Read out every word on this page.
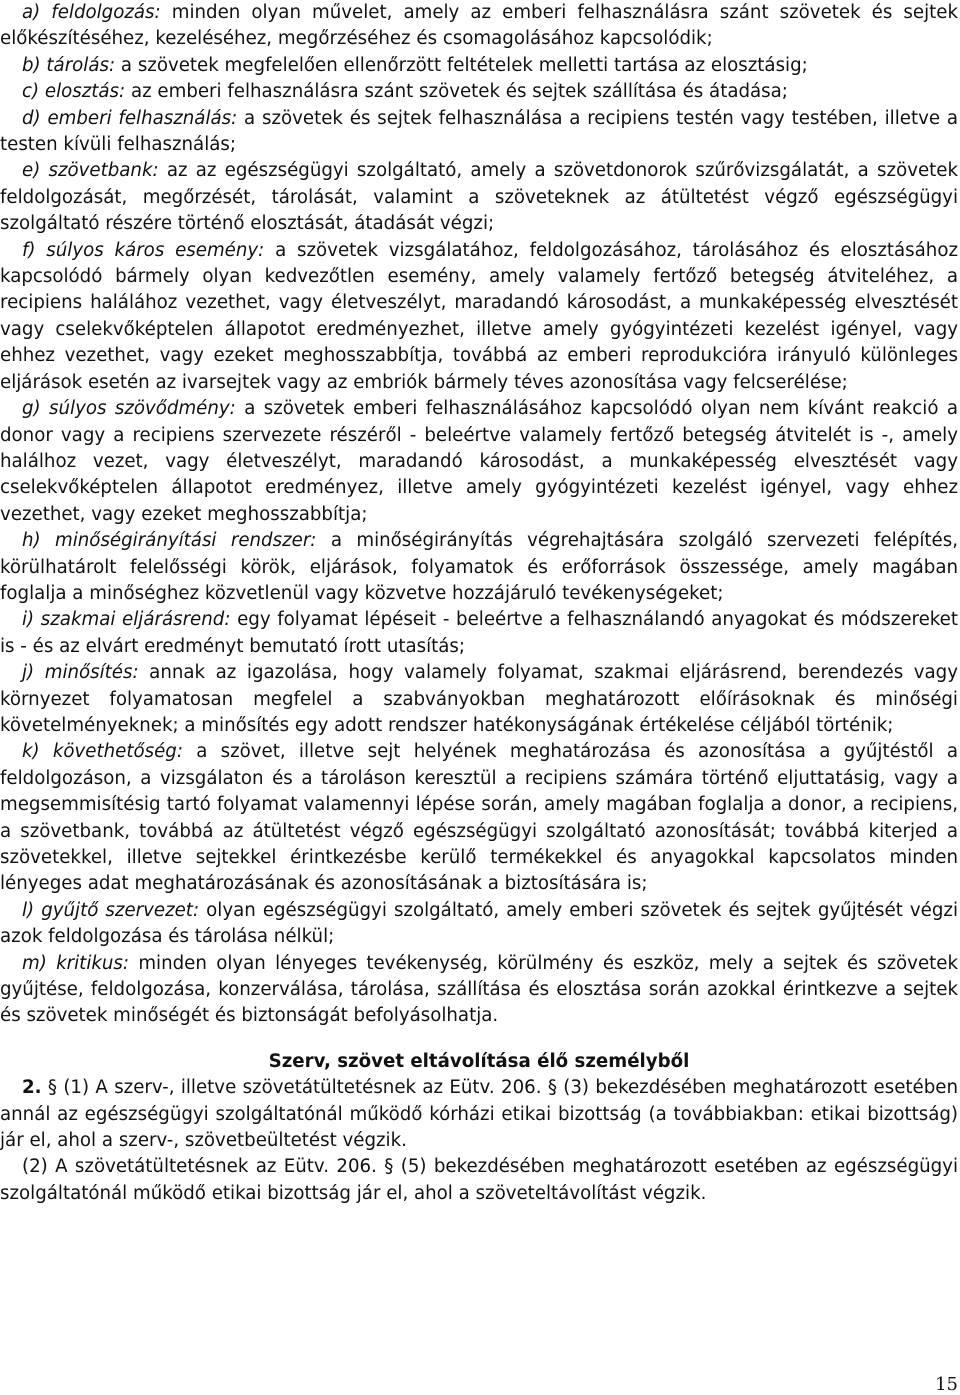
a) feldolgozás: minden olyan művelet, amely az emberi felhasználásra szánt szövetek és sejtek előkészítéséhez, kezeléséhez, megőrzéséhez és csomagolásához kapcsolódik;

b) tárolás: a szövetek megfelelően ellenőrzött feltételek melletti tartása az elosztásig;

c) elosztás: az emberi felhasználásra szánt szövetek és sejtek szállítása és átadása;

d) emberi felhasználás: a szövetek és sejtek felhasználása a recipiens testén vagy testében, illetve a testen kívüli felhasználás;

e) szövetbank: az az egészségügyi szolgáltató, amely a szövetdonorok szűrővizsgálatát, a szövetek feldolgozását, megőrzését, tárolását, valamint a szöveteknek az átültetést végző egészségügyi szolgáltató részére történő elosztását, átadását végzi;

f) súlyos káros esemény: a szövetek vizsgálatához, feldolgozásához, tárolásához és elosztásához kapcsolódó bármely olyan kedvezőtlen esemény, amely valamely fertőző betegség átviteléhez, a recipiens halálához vezethet, vagy életveszélyt, maradandó károsodást, a munkaképesség elvesztését vagy cselekvőképtelen állapotot eredményezhet, illetve amely gyógyintézeti kezelést igényel, vagy ehhez vezethet, vagy ezeket meghosszabbítja, továbbá az emberi reprodukcióra irányuló különleges eljárások esetén az ivarsejtek vagy az embriók bármely téves azonosítása vagy felcserélése;

g) súlyos szövődmény: a szövetek emberi felhasználásához kapcsolódó olyan nem kívánt reakció a donor vagy a recipiens szervezete részéről - beleértve valamely fertőző betegség átvitelét is -, amely halálhoz vezet, vagy életveszélyt, maradandó károsodást, a munkaképesség elvesztését vagy cselekvőképtelen állapotot eredményez, illetve amely gyógyintézeti kezelést igényel, vagy ehhez vezethet, vagy ezeket meghosszabbítja;

h) minőségirányítási rendszer: a minőségirányítás végrehajtására szolgáló szervezeti felépítés, körülhatárolt felelősségi körök, eljárások, folyamatok és erőforrások összessége, amely magában foglalja a minőséghez közvetlenül vagy közvetve hozzájáruló tevékenységeket;

i) szakmai eljárásrend: egy folyamat lépéseit - beleértve a felhasználandó anyagokat és módszereket is - és az elvárt eredményt bemutató írott utasítás;

j) minősítés: annak az igazolása, hogy valamely folyamat, szakmai eljárásrend, berendezés vagy környezet folyamatosan megfelel a szabványokban meghatározott előírásoknak és minőségi követelményeknek; a minősítés egy adott rendszer hatékonyságának értékelése céljából történik;

k) követhetőség: a szövet, illetve sejt helyének meghatározása és azonosítása a gyűjtéstől a feldolgozáson, a vizsgálaton és a tároláson keresztül a recipiens számára történő eljuttatásig, vagy a megsemmisítésig tartó folyamat valamennyi lépése során, amely magában foglalja a donor, a recipiens, a szövetbank, továbbá az átültetést végző egészségügyi szolgáltató azonosítását; továbbá kiterjed a szövetekkel, illetve sejtekkel érintkezésbe kerülő termékekkel és anyagokkal kapcsolatos minden lényeges adat meghatározásának és azonosításának a biztosítására is;

l) gyűjtő szervezet: olyan egészségügyi szolgáltató, amely emberi szövetek és sejtek gyűjtését végzi azok feldolgozása és tárolása nélkül;

m) kritikus: minden olyan lényeges tevékenység, körülmény és eszköz, mely a sejtek és szövetek gyűjtése, feldolgozása, konzerválása, tárolása, szállítása és elosztása során azokkal érintkezve a sejtek és szövetek minőségét és biztonságát befolyásolhatja.

Szerv, szövet eltávolítása élő személyből

2. § (1) A szerv-, illetve szövetátültetésnek az Eütv. 206. § (3) bekezdésében meghatározott esetében annál az egészségügyi szolgáltatónál működő kórházi etikai bizottság (a továbbiakban: etikai bizottság) jár el, ahol a szerv-, szövetbeültetést végzik.

(2) A szövetátültetésnek az Eütv. 206. § (5) bekezdésében meghatározott esetében az egészségügyi szolgáltatónál működő etikai bizottság jár el, ahol a szöveteltávolítást végzik.

15
